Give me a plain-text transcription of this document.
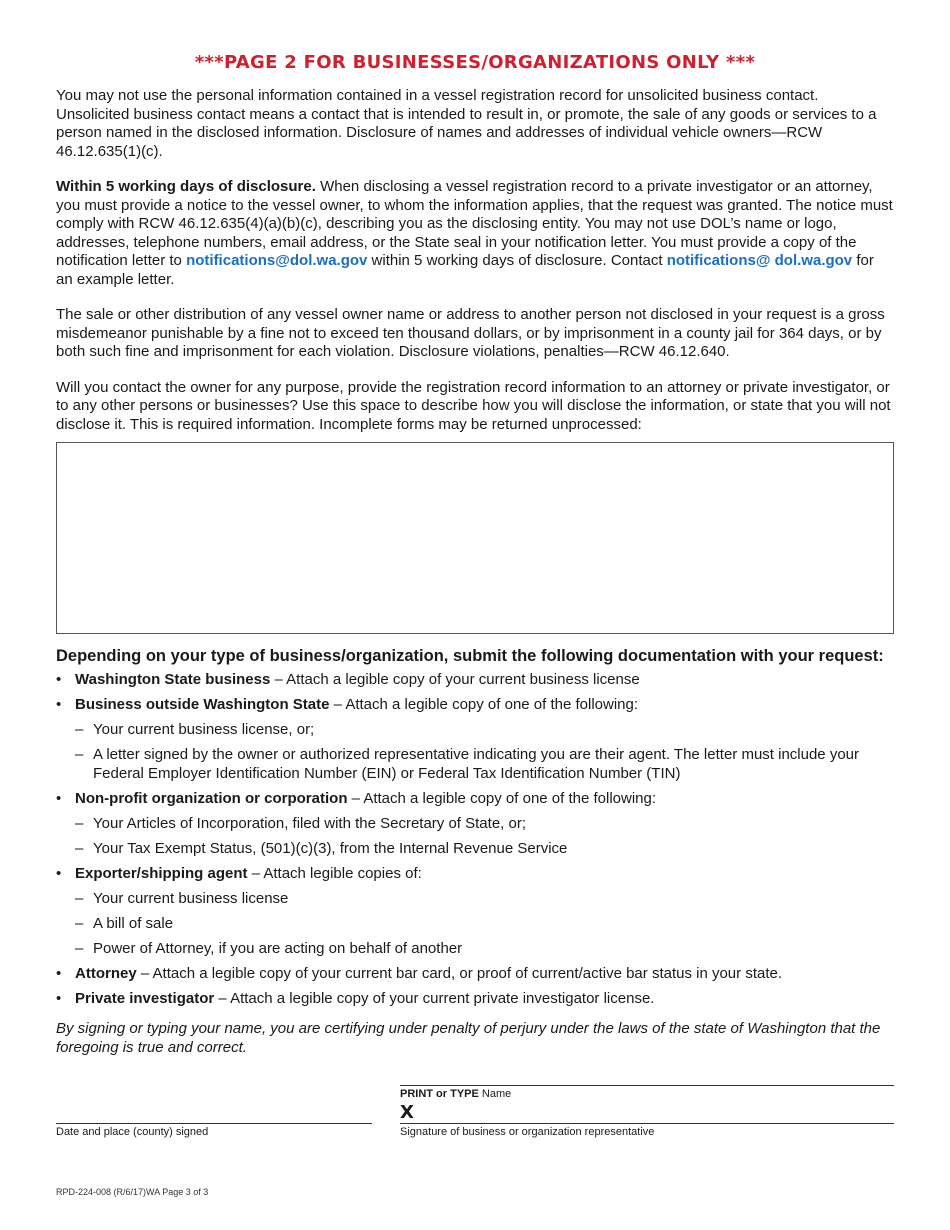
***PAGE 2 FOR BUSINESSES/ORGANIZATIONS ONLY ***

You may not use the personal information contained in a vessel registration record for unsolicited business contact. Unsolicited business contact means a contact that is intended to result in, or promote, the sale of any goods or services to a person named in the disclosed information. Disclosure of names and addresses of individual vehicle owners—RCW 46.12.635(1)(c).

Within 5 working days of disclosure. When disclosing a vessel registration record to a private investigator or an attorney, you must provide a notice to the vessel owner, to whom the information applies, that the request was granted. The notice must comply with RCW 46.12.635(4)(a)(b)(c), describing you as the disclosing entity. You may not use DOL’s name or logo, addresses, telephone numbers, email address, or the State seal in your notification letter. You must provide a copy of the notification letter to notifications@dol.wa.gov within 5 working days of disclosure. Contact notifications@ dol.wa.gov for an example letter.

The sale or other distribution of any vessel owner name or address to another person not disclosed in your request is a gross misdemeanor punishable by a fine not to exceed ten thousand dollars, or by imprisonment in a county jail for 364 days, or by both such fine and imprisonment for each violation. Disclosure violations, penalties—RCW 46.12.640.

Will you contact the owner for any purpose, provide the registration record information to an attorney or private investigator, or to any other persons or businesses? Use this space to describe how you will disclose the information, or state that you will not disclose it. This is required information. Incomplete forms may be returned unprocessed:

Depending on your type of business/organization, submit the following documentation with your request:
• Washington State business – Attach a legible copy of your current business license
• Business outside Washington State – Attach a legible copy of one of the following:
– Your current business license, or;
– A letter signed by the owner or authorized representative indicating you are their agent. The letter must include your Federal Employer Identification Number (EIN) or Federal Tax Identification Number (TIN)
• Non-profit organization or corporation – Attach a legible copy of one of the following:
– Your Articles of Incorporation, filed with the Secretary of State, or;
– Your Tax Exempt Status, (501)(c)(3), from the Internal Revenue Service
• Exporter/shipping agent – Attach legible copies of:
– Your current business license
– A bill of sale
– Power of Attorney, if you are acting on behalf of another
• Attorney – Attach a legible copy of your current bar card, or proof of current/active bar status in your state.
• Private investigator – Attach a legible copy of your current private investigator license.

By signing or typing your name, you are certifying under penalty of perjury under the laws of the state of Washington that the foregoing is true and correct.

PRINT or TYPE Name
X
Date and place (county) signed	Signature of business or organization representative
RPD-224-008 (R/6/17)WA Page 3 of 3
